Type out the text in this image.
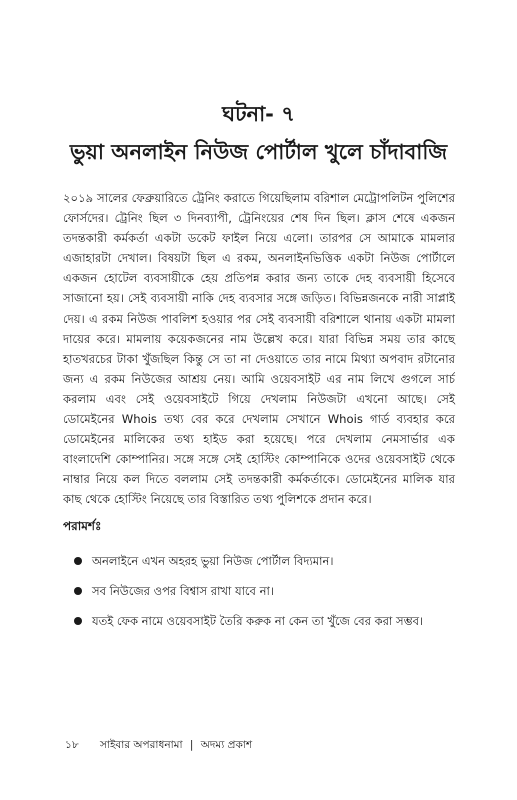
ঘটনা- ৭
ভুয়া অনলাইন নিউজ পোর্টাল খুলে চাঁদাবাজি
২০১৯ সালের ফেব্রুয়ারিতে ট্রেনিং করাতে গিয়েছিলাম বরিশাল মেট্রোপলিটন পুলিশের ফোর্সদের। ট্রেনিং ছিল ৩ দিনব্যাপী, ট্রেনিংয়ের শেষ দিন ছিল। ক্লাস শেষে একজন তদন্তকারী কর্মকর্তা একটা ডকেট ফাইল নিয়ে এলো। তারপর সে আমাকে মামলার এজাহারটা দেখাল। বিষয়টা ছিল এ রকম, অনলাইনভিত্তিক একটা নিউজ পোর্টালে একজন হোটেল ব্যবসায়ীকে হেয় প্রতিপন্ন করার জন্য তাকে দেহ ব্যবসায়ী হিসেবে সাজানো হয়। সেই ব্যবসায়ী নাকি দেহ ব্যবসার সঙ্গে জড়িত। বিভিন্নজনকে নারী সাপ্লাই দেয়। এ রকম নিউজ পাবলিশ হওয়ার পর সেই ব্যবসায়ী বরিশালে থানায় একটা মামলা দায়ের করে। মামলায় কয়েকজনের নাম উল্লেখ করে। যারা বিভিন্ন সময় তার কাছে হাতখরচের টাকা খুঁজছিল কিন্তু সে তা না দেওয়াতে তার নামে মিথ্যা অপবাদ রটানোর জন্য এ রকম নিউজের আশ্রয় নেয়। আমি ওয়েবসাইট এর নাম লিখে গুগলে সার্চ করলাম এবং সেই ওয়েবসাইটে গিয়ে দেখলাম নিউজটা এখনো আছে। সেই ডোমেইনের Whois তথ্য বের করে দেখলাম সেখানে Whois গার্ড ব্যবহার করে ডোমেইনের মালিকের তথ্য হাইড করা হয়েছে। পরে দেখলাম নেমসার্ভার এক বাংলাদেশি কোম্পানির। সঙ্গে সঙ্গে সেই হোস্টিং কোম্পানিকে ওদের ওয়েবসাইট থেকে নাম্বার নিয়ে কল দিতে বললাম সেই তদন্তকারী কর্মকর্তাকে। ডোমেইনের মালিক যার কাছ থেকে হোস্টিং নিয়েছে তার বিস্তারিত তথ্য পুলিশকে প্রদান করে।
পরামর্শঃ
অনলাইনে এখন অহরহ ভুয়া নিউজ পোর্টাল বিদ্যমান।
সব নিউজের ওপর বিশ্বাস রাখা যাবে না।
যতই ফেক নামে ওয়েবসাইট তৈরি করুক না কেন তা খুঁজে বের করা সম্ভব।
১৮ সাইবার অপরাধনামা | অদম্য প্রকাশ
